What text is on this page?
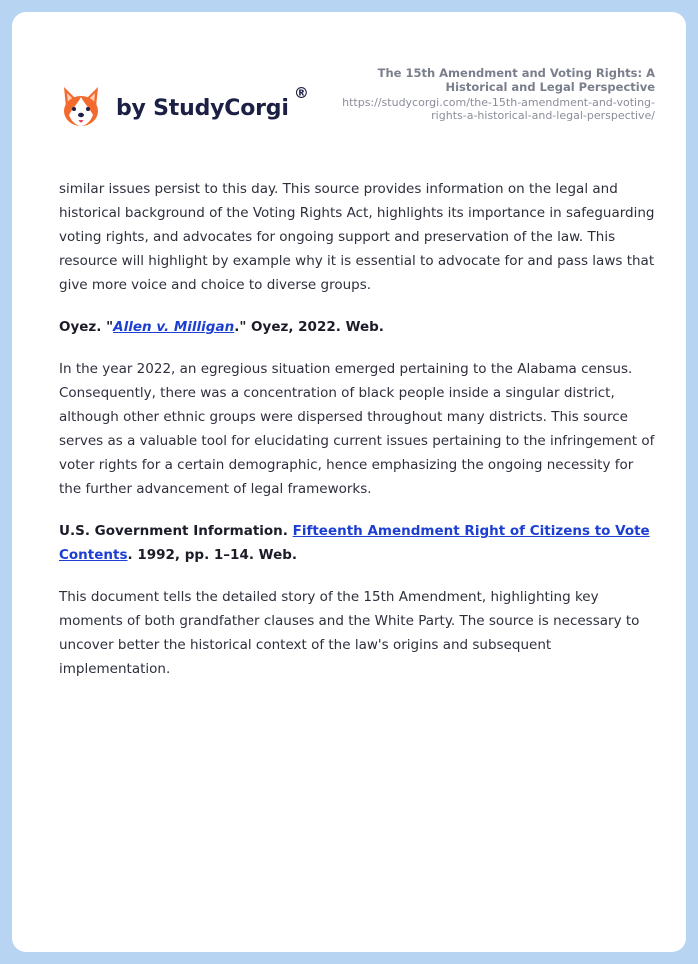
by StudyCorgi
®
The 15th Amendment and Voting Rights: A Historical and Legal Perspective
https://studycorgi.com/the-15th-amendment-and-voting-rights-a-historical-and-legal-perspective/

similar issues persist to this day. This source provides information on the legal and historical background of the Voting Rights Act, highlights its importance in safeguarding voting rights, and advocates for ongoing support and preservation of the law. This resource will highlight by example why it is essential to advocate for and pass laws that give more voice and choice to diverse groups.

Oyez. "Allen v. Milligan." Oyez, 2022. Web.

In the year 2022, an egregious situation emerged pertaining to the Alabama census. Consequently, there was a concentration of black people inside a singular district, although other ethnic groups were dispersed throughout many districts. This source serves as a valuable tool for elucidating current issues pertaining to the infringement of voter rights for a certain demographic, hence emphasizing the ongoing necessity for the further advancement of legal frameworks.

U.S. Government Information. Fifteenth Amendment Right of Citizens to Vote Contents. 1992, pp. 1–14. Web.

This document tells the detailed story of the 15th Amendment, highlighting key moments of both grandfather clauses and the White Party. The source is necessary to uncover better the historical context of the law's origins and subsequent implementation.
